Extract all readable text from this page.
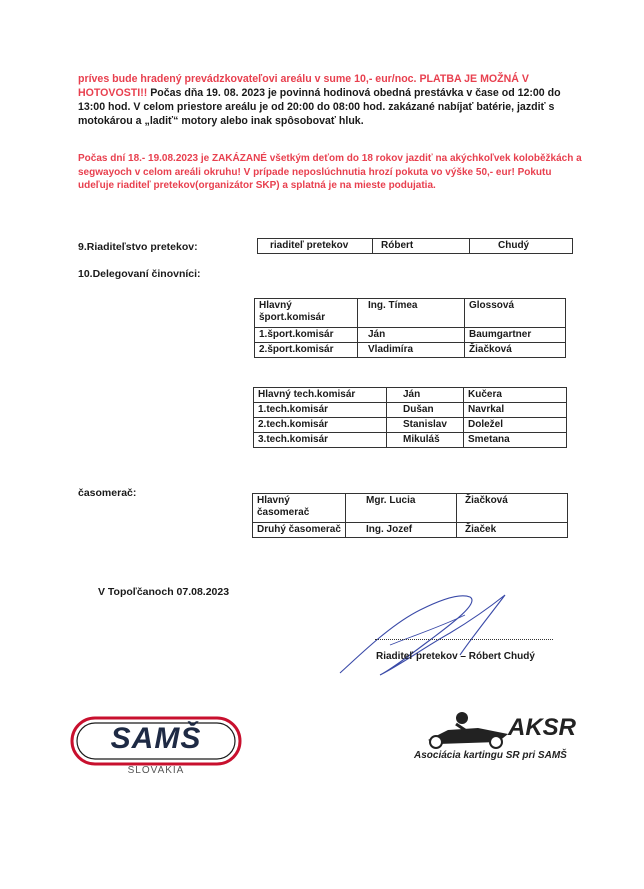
príves bude hradený prevádzkovateľovi areálu v sume 10,- eur/noc. PLATBA JE MOŽNÁ V HOTOVOSTI!! Počas dňa 19. 08. 2023 je povinná hodinová obedná prestávka v čase od 12:00 do 13:00 hod. V celom priestore areálu je od 20:00 do 08:00 hod. zakázané nabíjať batérie, jazdiť s motokárou a „ladiť“ motory alebo inak spôsobovať hluk.
Počas dní 18.- 19.08.2023 je ZAKÁZANÉ všetkým deťom do 18 rokov jazdiť na akýchkoľvek koloběžkách a segwayoch v celom areáli okruhu! V prípade neposlúchnutia hrozí pokuta vo výške 50,- eur! Pokutu udeľuje riaditeľ pretekov(organizátor SKP) a splatná je na mieste podujatia.
9.Riaditeľstvo pretekov:	riaditeľ pretekov	Róbert	Chudý
10.Delegovaní činovníci:
Hlavný šport.komisár	Ing. Tímea	Glossová
1.šport.komisár	Ján	Baumgartner
2.šport.komisár	Vladimíra	Žiačková
Hlavný tech.komisár	Ján	Kučera
1.tech.komisár	Dušan	Navrkal
2.tech.komisár	Stanislav	Doležel
3.tech.komisár	Mikuláš	Smetana
časomerač:
Hlavný časomerač	Mgr. Lucia	Žiačková
Druhý časomerač	Ing. Jozef	Žiaček
V Topoľčanoch 07.08.2023
Riaditeľ pretekov – Róbert Chudý
SAMŠ
SLOVAKIA
AKSR
Asociácia kartingu SR pri SAMŠ
